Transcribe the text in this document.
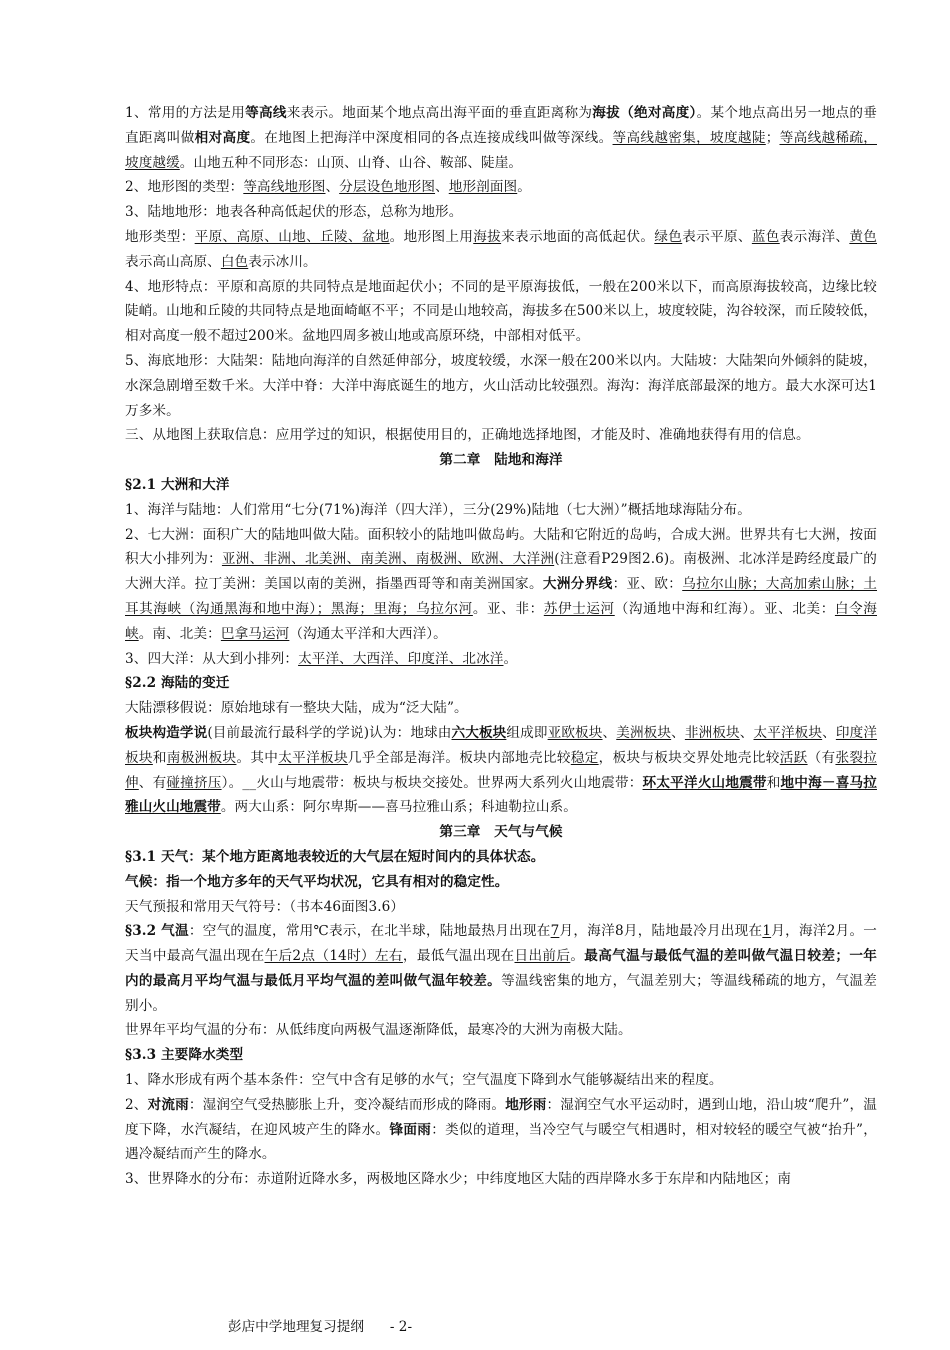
1、常用的方法是用等高线来表示。地面某个地点高出海平面的垂直距离称为海拔（绝对高度）。某个地点高出另一地点的垂直距离叫做相对高度。在地图上把海洋中深度相同的各点连接成线叫做等深线。等高线越密集，坡度越陡；等高线越稀疏，坡度越缓。山地五种不同形态：山顶、山脊、山谷、鞍部、陡崖。

2、地形图的类型：等高线地形图、分层设色地形图、地形剖面图。

3、陆地地形：地表各种高低起伏的形态，总称为地形。

地形类型：平原、高原、山地、丘陵、盆地。地形图上用海拔来表示地面的高低起伏。绿色表示平原、蓝色表示海洋、黄色表示高山高原、白色表示冰川。

4、地形特点：平原和高原的共同特点是地面起伏小；不同的是平原海拔低，一般在200米以下，而高原海拔较高，边缘比较陡峭。山地和丘陵的共同特点是地面崎岖不平；不同是山地较高，海拔多在500米以上，坡度较陡，沟谷较深，而丘陵较低，相对高度一般不超过200米。盆地四周多被山地或高原环绕，中部相对低平。

5、海底地形：大陆架：陆地向海洋的自然延伸部分，坡度较缓，水深一般在200米以内。大陆坡：大陆架向外倾斜的陡坡，水深急剧增至数千米。大洋中脊：大洋中海底诞生的地方，火山活动比较强烈。海沟：海洋底部最深的地方。最大水深可达1万多米。

三、从地图上获取信息：应用学过的知识，根据使用目的，正确地选择地图，才能及时、准确地获得有用的信息。

第二章　陆地和海洋

§2.1 大洲和大洋

1、海洋与陆地：人们常用“七分(71%)海洋（四大洋），三分(29%)陆地（七大洲）”概括地球海陆分布。

2、七大洲：面积广大的陆地叫做大陆。面积较小的陆地叫做岛屿。大陆和它附近的岛屿，合成大洲。世界共有七大洲，按面积大小排列为：亚洲、非洲、北美洲、南美洲、南极洲、欧洲、大洋洲(注意看P29图2.6)。南极洲、北冰洋是跨经度最广的大洲大洋。拉丁美洲：美国以南的美洲，指墨西哥等和南美洲国家。大洲分界线：亚、欧：乌拉尔山脉；大高加索山脉；土耳其海峡（沟通黑海和地中海）；黑海；里海；乌拉尔河。亚、非：苏伊士运河（沟通地中海和红海）。亚、北美：白令海峡。南、北美：巴拿马运河（沟通太平洋和大西洋）。

3、四大洋：从大到小排列：太平洋、大西洋、印度洋、北冰洋。

§2.2 海陆的变迁

大陆漂移假说：原始地球有一整块大陆，成为“泛大陆”。

板块构造学说(目前最流行最科学的学说)认为：地球由六大板块组成即亚欧板块、美洲板块、非洲板块、太平洋板块、印度洋板块和南极洲板块。其中太平洋板块几乎全部是海洋。板块内部地壳比较稳定，板块与板块交界处地壳比较活跃（有张裂拉伸、有碰撞挤压）。__火山与地震带：板块与板块交接处。世界两大系列火山地震带：环太平洋火山地震带和地中海－喜马拉雅山火山地震带。两大山系：阿尔卑斯——喜马拉雅山系；科迪勒拉山系。

第三章　天气与气候

§3.1 天气：某个地方距离地表较近的大气层在短时间内的具体状态。

气候：指一个地方多年的天气平均状况，它具有相对的稳定性。

天气预报和常用天气符号：（书本46面图3.6）

§3.2 气温：空气的温度，常用℃表示，在北半球，陆地最热月出现在7月，海洋8月，陆地最冷月出现在1月，海洋2月。一天当中最高气温出现在午后2点（14时）左右，最低气温出现在日出前后。最高气温与最低气温的差叫做气温日较差；一年内的最高月平均气温与最低月平均气温的差叫做气温年较差。等温线密集的地方，气温差别大；等温线稀疏的地方，气温差别小。

世界年平均气温的分布：从低纬度向两极气温逐渐降低，最寒冷的大洲为南极大陆。

§3.3 主要降水类型

1、降水形成有两个基本条件：空气中含有足够的水气；空气温度下降到水气能够凝结出来的程度。

2、对流雨：湿润空气受热膨胀上升，变冷凝结而形成的降雨。地形雨：湿润空气水平运动时，遇到山地，沿山坡“爬升”，温度下降，水汽凝结，在迎风坡产生的降水。锋面雨：类似的道理，当冷空气与暖空气相遇时，相对较轻的暖空气被“抬升”，遇冷凝结而产生的降水。

3、世界降水的分布：赤道附近降水多，两极地区降水少；中纬度地区大陆的西岸降水多于东岸和内陆地区；南

彭店中学地理复习提纲 - 2-
